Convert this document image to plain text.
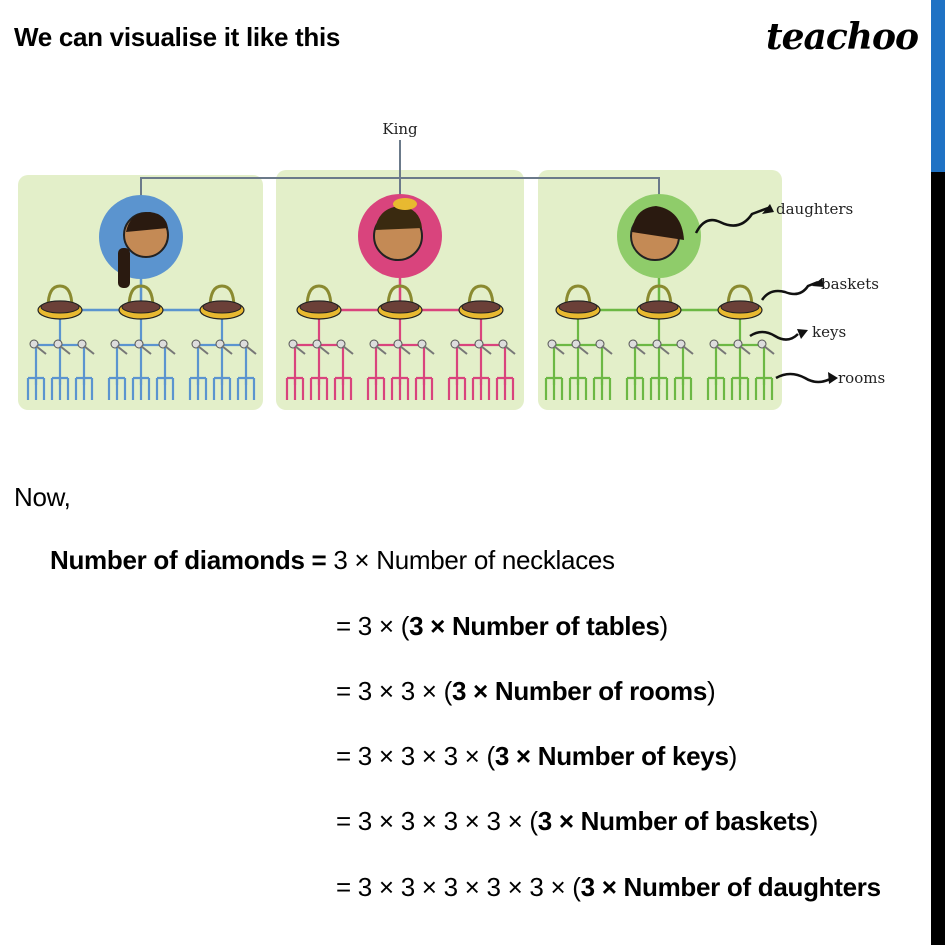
We can visualise it like this	teachoo
King
daughters
baskets
keys
rooms
Now,
Number of diamonds = 3 × Number of necklaces
= 3 × (3 × Number of tables)
= 3 × 3 × (3 × Number of rooms)
= 3 × 3 × 3 × (3 × Number of keys)
= 3 × 3 × 3 × 3 × (3 × Number of baskets)
= 3 × 3 × 3 × 3 × 3 × (3 × Number of daughters
